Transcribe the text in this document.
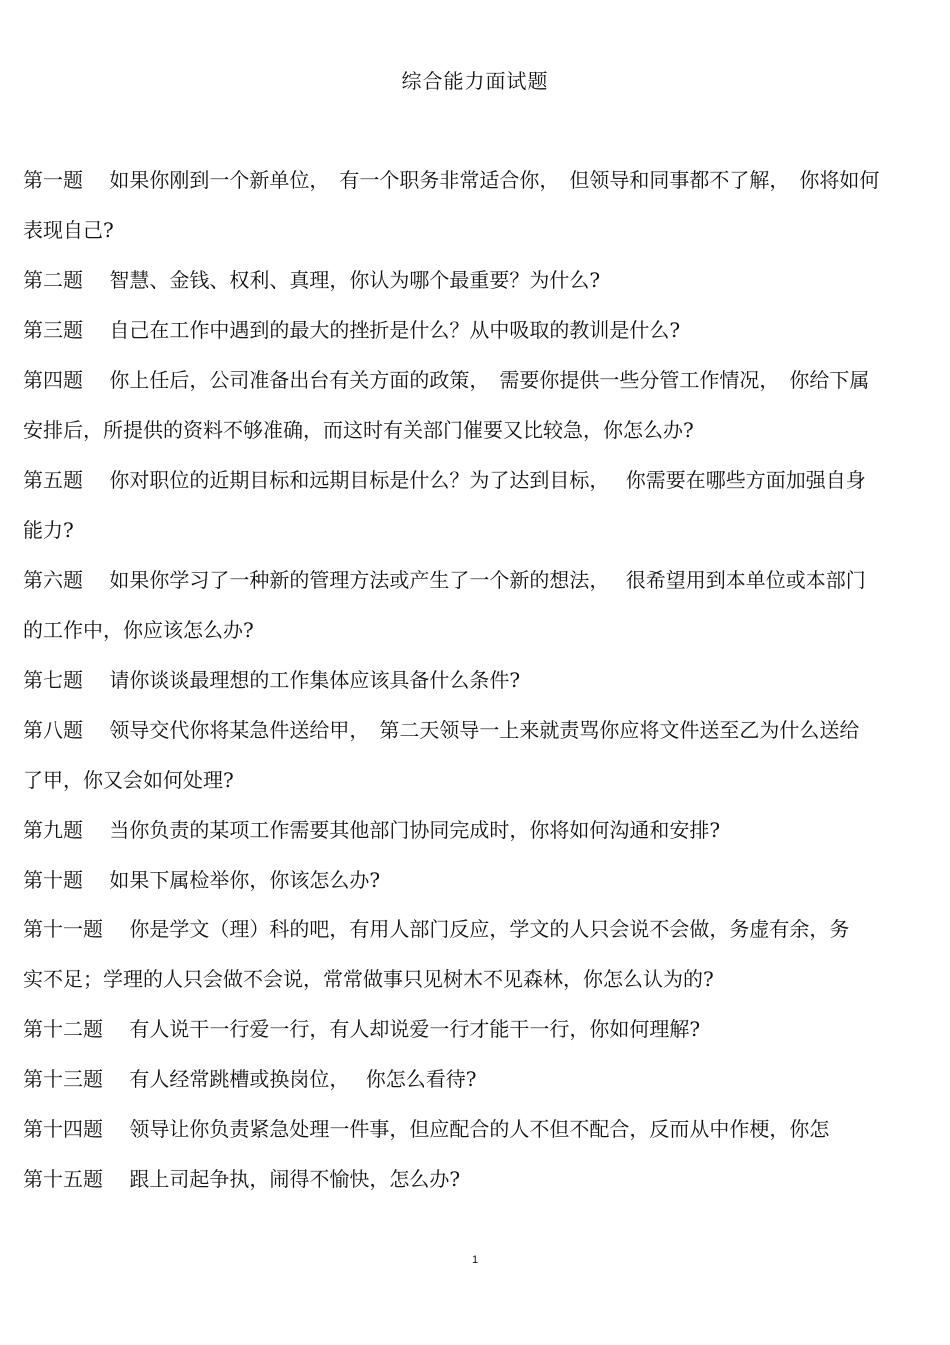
综合能力面试题
第一题　 如果你刚到一个新单位，　有一个职务非常适合你，　但领导和同事都不了解，　你将如何
表现自己?
第二题　 智慧、金钱、权利、真理，你认为哪个最重要？为什么?
第三题　 自己在工作中遇到的最大的挫折是什么？从中吸取的教训是什么?
第四题　 你上任后，公司准备出台有关方面的政策，　需要你提供一些分管工作情况，　你给下属
安排后，所提供的资料不够准确，而这时有关部门催要又比较急，你怎么办?
第五题　 你对职位的近期目标和远期目标是什么？为了达到目标，　 你需要在哪些方面加强自身
能力?
第六题　 如果你学习了一种新的管理方法或产生了一个新的想法，　 很希望用到本单位或本部门
的工作中，你应该怎么办?
第七题　 请你谈谈最理想的工作集体应该具备什么条件?
第八题　 领导交代你将某急件送给甲，　第二天领导一上来就责骂你应将文件送至乙为什么送给
了甲，你又会如何处理?
第九题　 当你负责的某项工作需要其他部门协同完成时，你将如何沟通和安排?
第十题　 如果下属检举你，你该怎么办?
第十一题　 你是学文（理）科的吧，有用人部门反应，学文的人只会说不会做，务虚有余，务
实不足；学理的人只会做不会说，常常做事只见树木不见森林，你怎么认为的?
第十二题　 有人说干一行爱一行，有人却说爱一行才能干一行，你如何理解?
第十三题　 有人经常跳槽或换岗位，　 你怎么看待?
第十四题　 领导让你负责紧急处理一件事，但应配合的人不但不配合，反而从中作梗，你怎
第十五题　 跟上司起争执，闹得不愉快，怎么办?
1
